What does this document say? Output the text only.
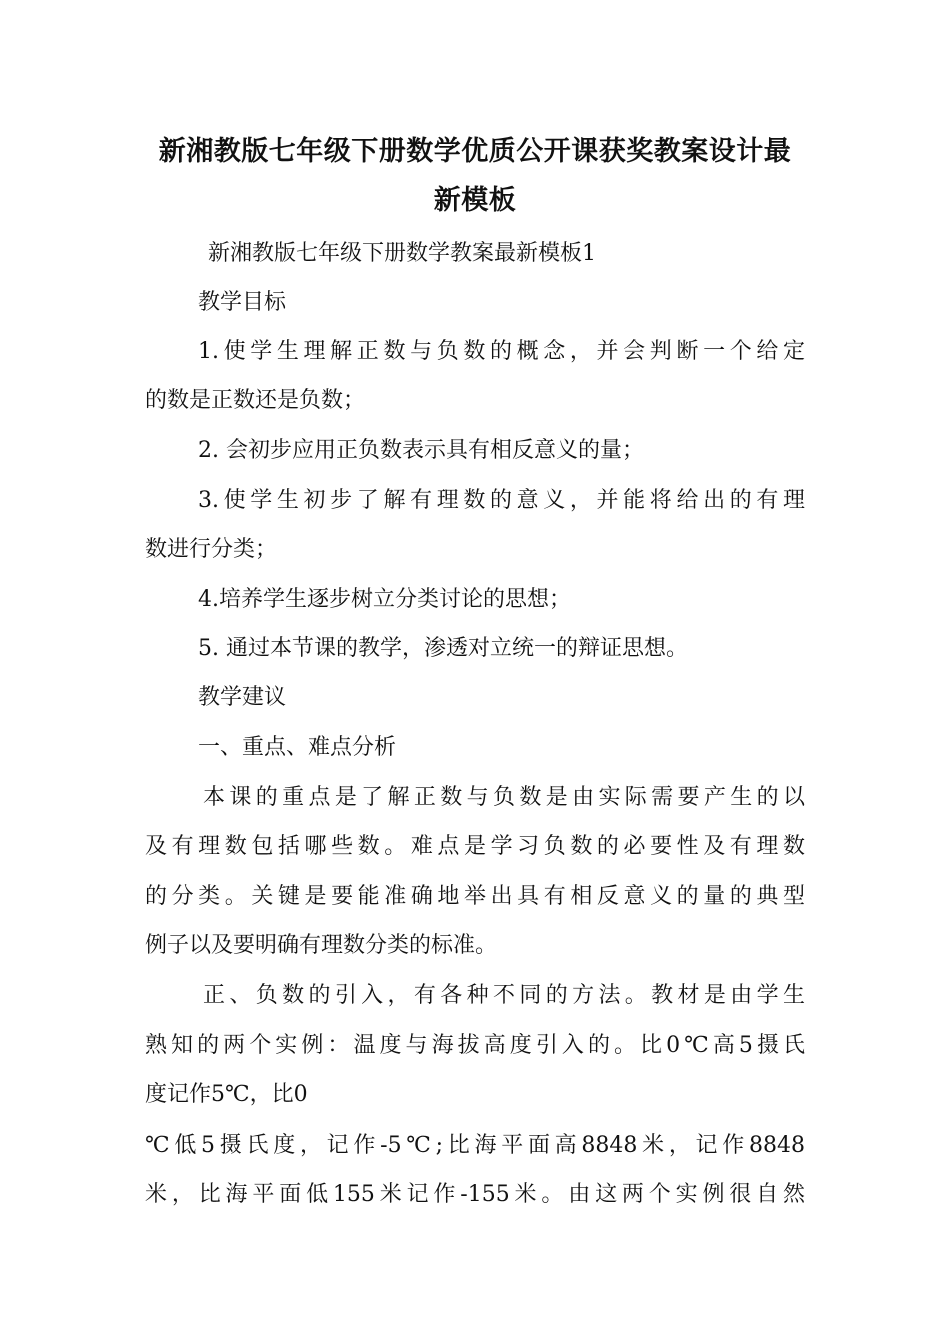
新湘教版七年级下册数学优质公开课获奖教案设计最
新模板

新湘教版七年级下册数学教案最新模板1

教学目标

1.使学生理解正数与负数的概念，并会判断一个给定

的数是正数还是负数；

2. 会初步应用正负数表示具有相反意义的量；

3.使学生初步了解有理数的意义，并能将给出的有理

数进行分类；

4.培养学生逐步树立分类讨论的思想；

5. 通过本节课的教学，渗透对立统一的辩证思想。

教学建议

一、重点、难点分析

本课的重点是了解正数与负数是由实际需要产生的以

及有理数包括哪些数。难点是学习负数的必要性及有理数

的分类。关键是要能准确地举出具有相反意义的量的典型

例子以及要明确有理数分类的标准。

正、负数的引入，有各种不同的方法。教材是由学生

熟知的两个实例：温度与海拔高度引入的。比0℃高5摄氏

度记作5℃，比0

℃低5摄氏度，记作-5℃;比海平面高8848米，记作8848

米，比海平面低155米记作-155米。由这两个实例很自然
